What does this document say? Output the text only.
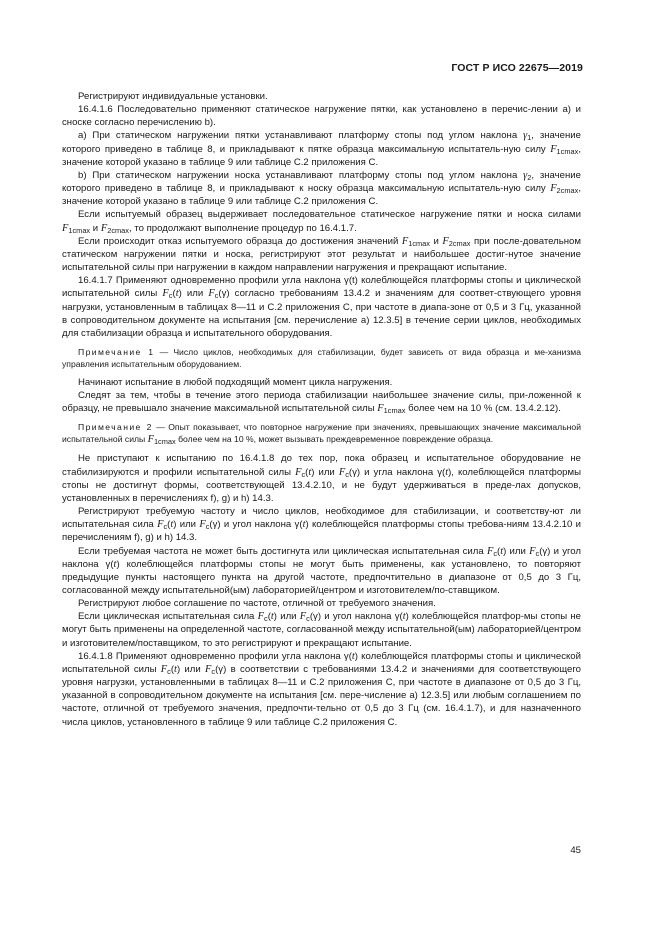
ГОСТ Р ИСО 22675—2019

Регистрируют индивидуальные установки.

16.4.1.6 Последовательно применяют статическое нагружение пятки, как установлено в перечис-лении а) и сноске согласно перечислению b).

а) При статическом нагружении пятки устанавливают платформу стопы под углом наклона $\gamma_1$, значение которого приведено в таблице 8, и прикладывают к пятке образца максимальную испытатель-ную силу $F_{1cmax}$, значение которой указано в таблице 9 или таблице С.2 приложения С.

b) При статическом нагружении носка устанавливают платформу стопы под углом наклона $\gamma_2$, значение которого приведено в таблице 8, и прикладывают к носку образца максимальную испытатель-ную силу $F_{2cmax}$, значение которой указано в таблице 9 или таблице С.2 приложения С.

Если испытуемый образец выдерживает последовательное статическое нагружение пятки и носка силами $F_{1cmax}$ и $F_{2cmax}$, то продолжают выполнение процедур по 16.4.1.7.

Если происходит отказ испытуемого образца до достижения значений $F_{1cmax}$ и $F_{2cmax}$ при после-довательном статическом нагружении пятки и носка, регистрируют этот результат и наибольшее достиг-нутое значение испытательной силы при нагружении в каждом направлении нагружения и прекращают испытание.

16.4.1.7 Применяют одновременно профили угла наклона γ(t) колеблющейся платформы стопы и циклической испытательной силы $F_c(t)$ или $F_c(\gamma)$ согласно требованиям 13.4.2 и значениям для соответ-ствующего уровня нагрузки, установленным в таблицах 8—11 и С.2 приложения С, при частоте в диапа-зоне от 0,5 и 3 Гц, указанной в сопроводительном документе на испытания [см. перечисление а) 12.3.5] в течение серии циклов, необходимых для стабилизации образца и испытательного оборудования.

Примечание 1 — Число циклов, необходимых для стабилизации, будет зависеть от вида образца и ме-ханизма управления испытательным оборудованием.

Начинают испытание в любой подходящий момент цикла нагружения.

Следят за тем, чтобы в течение этого периода стабилизации наибольшее значение силы, при-ложенной к образцу, не превышало значение максимальной испытательной силы $F_{1cmax}$ более чем на 10 % (см. 13.4.2.12).

Примечание 2 — Опыт показывает, что повторное нагружение при значениях, превышающих значение максимальной испытательной силы $F_{1cmax}$ более чем на 10 %, может вызывать преждевременное повреждение образца.

Не приступают к испытанию по 16.4.1.8 до тех пор, пока образец и испытательное оборудование не стабилизируются и профили испытательной силы $F_c(t)$ или $F_c(\gamma)$ и угла наклона γ(t), колеблющейся платформы стопы не достигнут формы, соответствующей 13.4.2.10, и не будут удерживаться в преде-лах допусков, установленных в перечислениях f), g) и h) 14.3.

Регистрируют требуемую частоту и число циклов, необходимое для стабилизации, и соответству-ют ли испытательная сила $F_c(t)$ или $F_c(\gamma)$ и угол наклона γ(t) колеблющейся платформы стопы требова-ниям 13.4.2.10 и перечислениям f), g) и h) 14.3.

Если требуемая частота не может быть достигнута или циклическая испытательная сила $F_c(t)$ или $F_c(\gamma)$ и угол наклона γ(t) колеблющейся платформы стопы не могут быть применены, как установлено, то повторяют предыдущие пункты настоящего пункта на другой частоте, предпочтительно в диапазоне от 0,5 до 3 Гц, согласованной между испытательной(ым) лабораторией/центром и изготовителем/по-ставщиком.

Регистрируют любое соглашение по частоте, отличной от требуемого значения.

Если циклическая испытательная сила $F_c(t)$ или $F_c(\gamma)$ и угол наклона γ(t) колеблющейся платфор-мы стопы не могут быть применены на определенной частоте, согласованной между испытательной(ым) лабораторией/центром и изготовителем/поставщиком, то это регистрируют и прекращают испытание.

16.4.1.8 Применяют одновременно профили угла наклона γ(t) колеблющейся платформы стопы и циклической испытательной силы $F_c(t)$ или $F_c(\gamma)$ в соответствии с требованиями 13.4.2 и значениями для соответствующего уровня нагрузки, установленными в таблицах 8—11 и С.2 приложения С, при частоте в диапазоне от 0,5 до 3 Гц, указанной в сопроводительном документе на испытания [см. пере-числение а) 12.3.5] или любым соглашением по частоте, отличной от требуемого значения, предпочти-тельно от 0,5 до 3 Гц (см. 16.4.1.7), и для назначенного числа циклов, установленного в таблице 9 или таблице С.2 приложения С.

45
